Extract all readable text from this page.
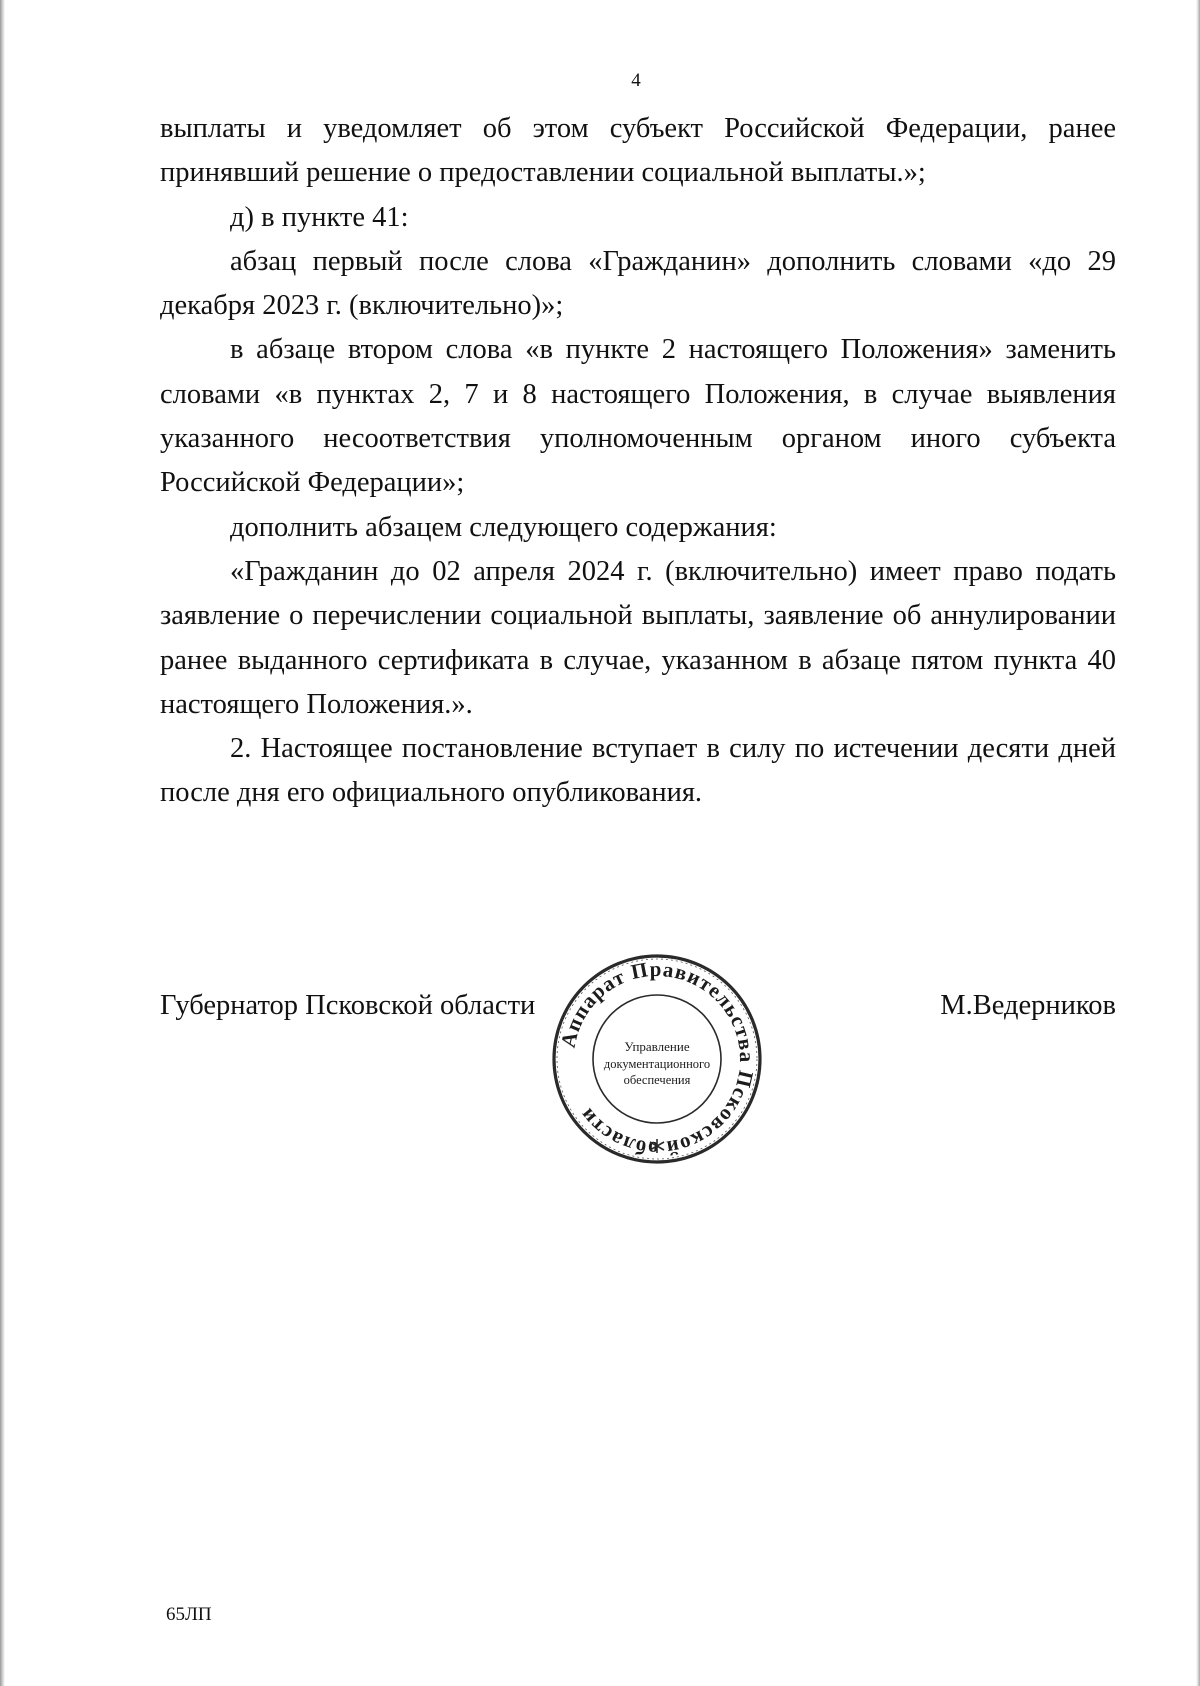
4

выплаты и уведомляет об этом субъект Российской Федерации, ранее принявший решение о предоставлении социальной выплаты.»;

д) в пункте 41:

абзац первый после слова «Гражданин» дополнить словами «до 29 декабря 2023 г. (включительно)»;

в абзаце втором слова «в пункте 2 настоящего Положения» заменить словами «в пунктах 2, 7 и 8 настоящего Положения, в случае выявления указанного несоответствия уполномоченным органом иного субъекта Российской Федерации»;

дополнить абзацем следующего содержания:

«Гражданин до 02 апреля 2024 г. (включительно) имеет право подать заявление о перечислении социальной выплаты, заявление об аннулировании ранее выданного сертификата в случае, указанном в абзаце пятом пункта 40 настоящего Положения.».

2. Настоящее постановление вступает в силу по истечении десяти дней после дня его официального опубликования.

Губернатор Псковской области	М.Ведерников
Аппарат Правительства Псковской области
Управление
документационного
обеспечения
65ЛП
